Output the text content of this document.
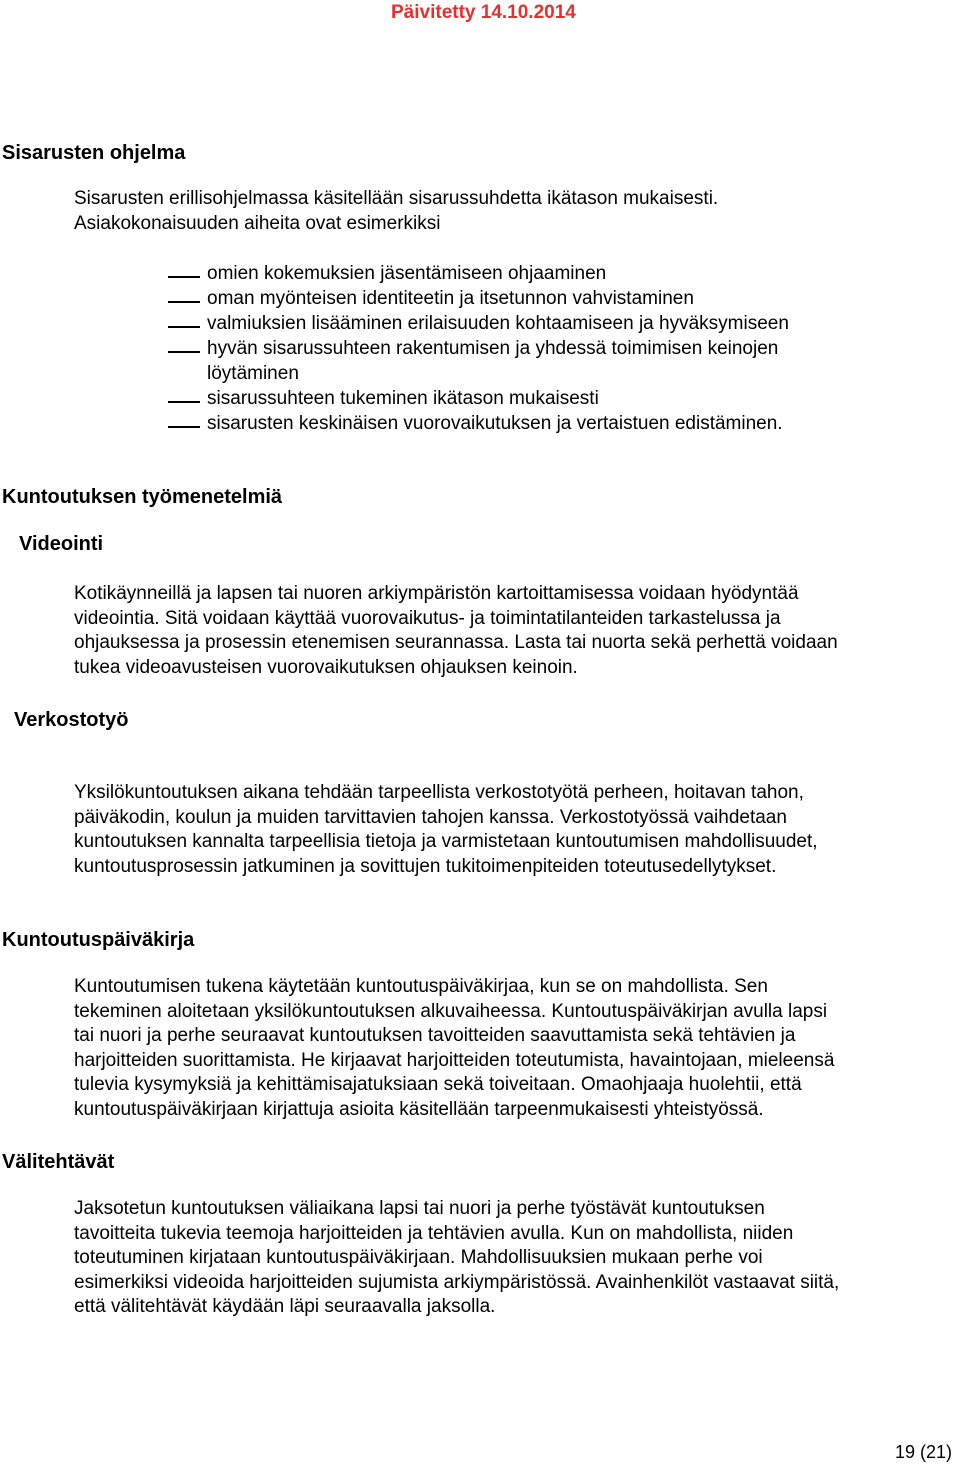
Päivitetty 14.10.2014
Sisarusten ohjelma
Sisarusten erillisohjelmassa käsitellään sisarussuhdetta ikätason mukaisesti.
Asiakokonaisuuden aiheita ovat esimerkiksi
omien kokemuksien jäsentämiseen ohjaaminen
oman myönteisen identiteetin ja itsetunnon vahvistaminen
valmiuksien lisääminen erilaisuuden kohtaamiseen ja hyväksymiseen
hyvän sisarussuhteen rakentumisen ja yhdessä toimimisen keinojen
löytäminen
sisarussuhteen tukeminen ikätason mukaisesti
sisarusten keskinäisen vuorovaikutuksen ja vertaistuen edistäminen.
Kuntoutuksen työmenetelmiä
Videointi
Kotikäynneillä ja lapsen tai nuoren arkiympäristön kartoittamisessa voidaan hyödyntää
videointia. Sitä voidaan käyttää vuorovaikutus- ja toimintatilanteiden tarkastelussa ja
ohjauksessa ja prosessin etenemisen seurannassa. Lasta tai nuorta sekä perhettä voidaan
tukea videoavusteisen vuorovaikutuksen ohjauksen keinoin.
Verkostotyö
Yksilökuntoutuksen aikana tehdään tarpeellista verkostotyötä perheen, hoitavan tahon,
päiväkodin, koulun ja muiden tarvittavien tahojen kanssa. Verkostotyössä vaihdetaan
kuntoutuksen kannalta tarpeellisia tietoja ja varmistetaan kuntoutumisen mahdollisuudet,
kuntoutusprosessin jatkuminen ja sovittujen tukitoimenpiteiden toteutusedellytykset.
Kuntoutuspäiväkirja
Kuntoutumisen tukena käytetään kuntoutuspäiväkirjaa, kun se on mahdollista. Sen
tekeminen aloitetaan yksilökuntoutuksen alkuvaiheessa. Kuntoutuspäiväkirjan avulla lapsi
tai nuori ja perhe seuraavat kuntoutuksen tavoitteiden saavuttamista sekä tehtävien ja
harjoitteiden suorittamista. He kirjaavat harjoitteiden toteutumista, havaintojaan, mieleensä
tulevia kysymyksiä ja kehittämisajatuksiaan sekä toiveitaan. Omaohjaaja huolehtii, että
kuntoutuspäiväkirjaan kirjattuja asioita käsitellään tarpeenmukaisesti yhteistyössä.
Välitehtävät
Jaksotetun kuntoutuksen väliaikana lapsi tai nuori ja perhe työstävät kuntoutuksen
tavoitteita tukevia teemoja harjoitteiden ja tehtävien avulla. Kun on mahdollista, niiden
toteutuminen kirjataan kuntoutuspäiväkirjaan. Mahdollisuuksien mukaan perhe voi
esimerkiksi videoida harjoitteiden sujumista arkiympäristössä. Avainhenkilöt vastaavat siitä,
että välitehtävät käydään läpi seuraavalla jaksolla.
19 (21)
